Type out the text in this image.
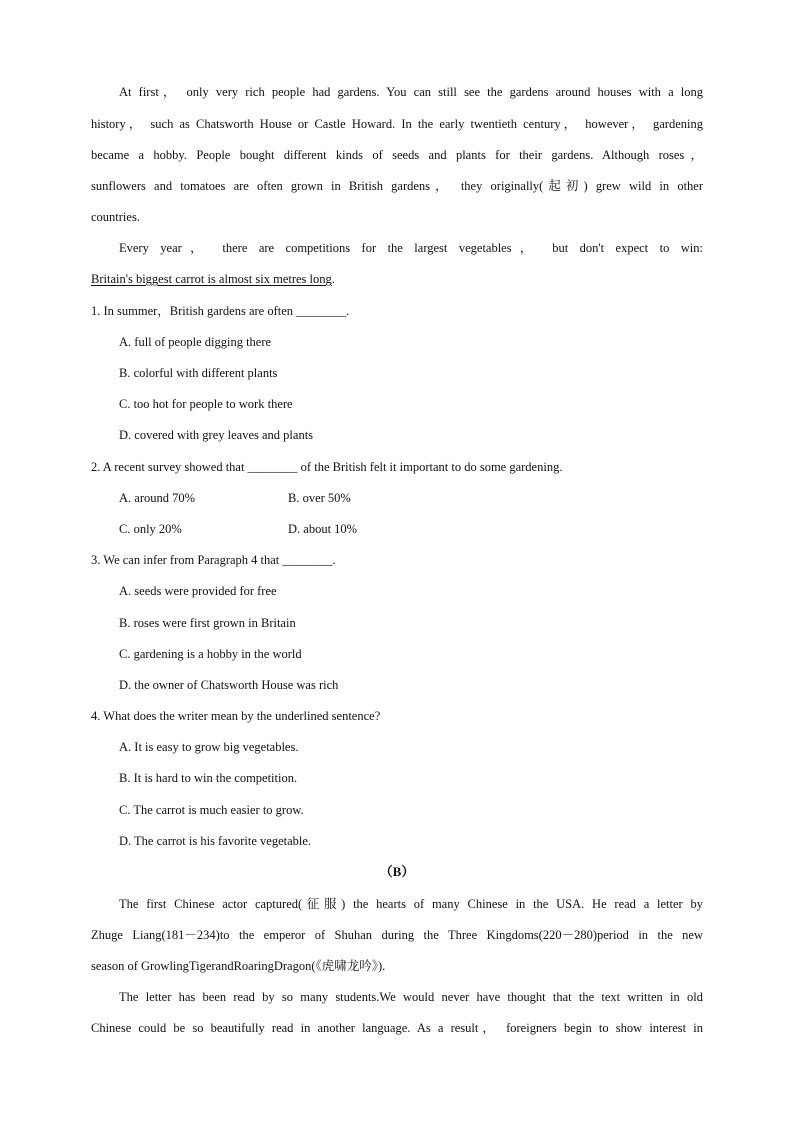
At first， only very rich people had gardens. You can still see the gardens around houses with a long
history， such as Chatsworth House or Castle Howard. In the early twentieth century， however， gardening
became a hobby. People bought different kinds of seeds and plants for their gardens. Although roses，
sunflowers and tomatoes are often grown in British gardens， they originally(起初) grew wild in other
countries.
Every year， there are competitions for the largest vegetables， but don't expect to win:
Britain's biggest carrot is almost six metres long.
1. In summer，British gardens are often ________.
A. full of people digging there
B. colorful with different plants
C. too hot for people to work there
D. covered with grey leaves and plants
2. A recent survey showed that ________ of the British felt it important to do some gardening.
A. around 70%	B. over 50%
C. only 20%	D. about 10%
3. We can infer from Paragraph 4 that ________.
A. seeds were provided for free
B. roses were first grown in Britain
C. gardening is a hobby in the world
D. the owner of Chatsworth House was rich
4. What does the writer mean by the underlined sentence?
A. It is easy to grow big vegetables.
B. It is hard to win the competition.
C. The carrot is much easier to grow.
D. The carrot is his favorite vegetable.
（B）
The first Chinese actor captured(征服) the hearts of many Chinese in the USA. He read a letter by
Zhuge Liang(181－234)to the emperor of Shuhan during the Three Kingdoms(220－280)period in the new
season of GrowlingTigerandRoaringDragon(《虎啸龙吟》).
The letter has been read by so many students.We would never have thought that the text written in old
Chinese could be so beautifully read in another language. As a result， foreigners begin to show interest in
